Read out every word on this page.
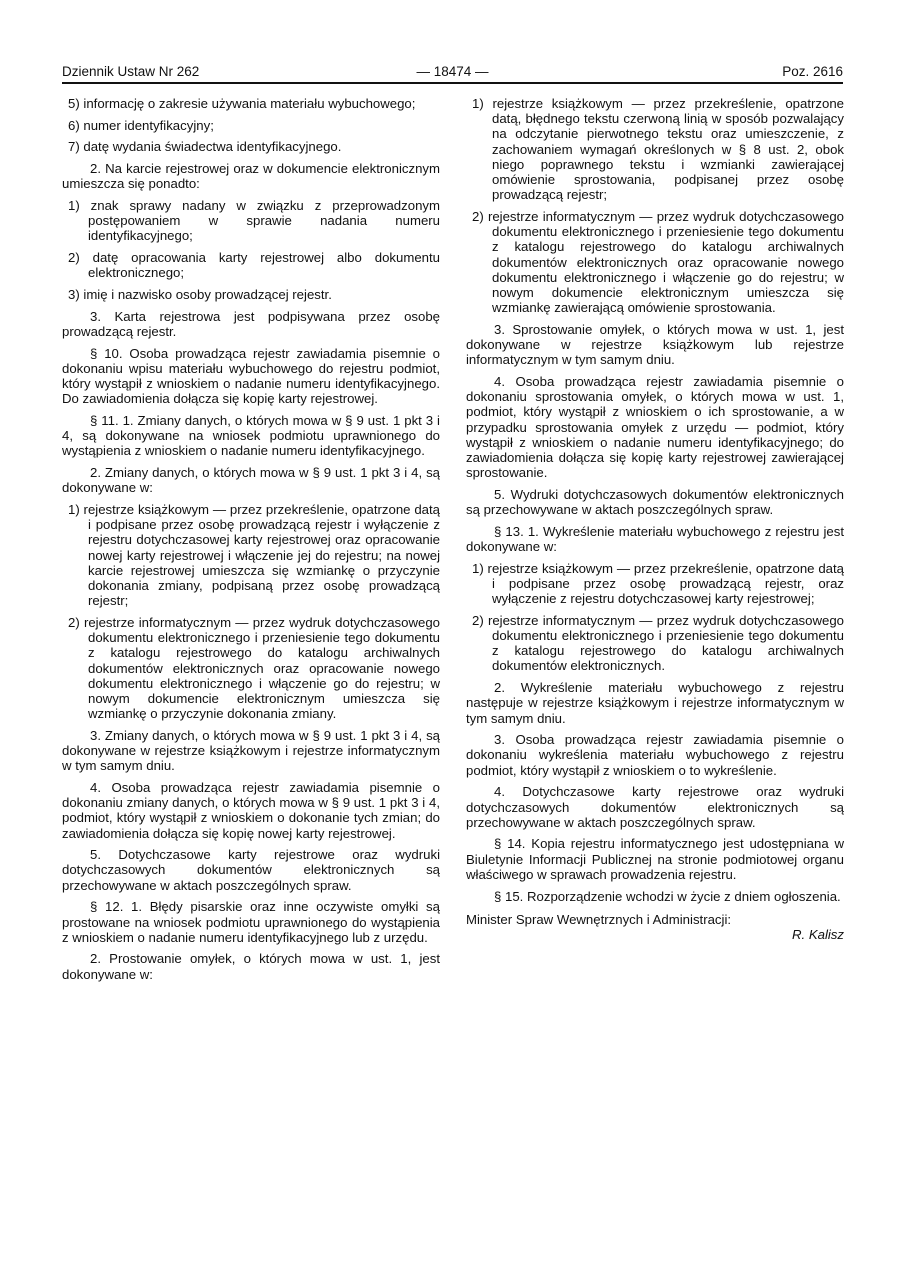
Dziennik Ustaw Nr 262	— 18474 —	Poz. 2616

5) informację o zakresie używania materiału wybuchowego;

6) numer identyfikacyjny;

7) datę wydania świadectwa identyfikacyjnego.

2. Na karcie rejestrowej oraz w dokumencie elektronicznym umieszcza się ponadto:

1) znak sprawy nadany w związku z przeprowadzonym postępowaniem w sprawie nadania numeru identyfikacyjnego;

2) datę opracowania karty rejestrowej albo dokumentu elektronicznego;

3) imię i nazwisko osoby prowadzącej rejestr.

3. Karta rejestrowa jest podpisywana przez osobę prowadzącą rejestr.

§ 10. Osoba prowadząca rejestr zawiadamia pisemnie o dokonaniu wpisu materiału wybuchowego do rejestru podmiot, który wystąpił z wnioskiem o nadanie numeru identyfikacyjnego. Do zawiadomienia dołącza się kopię karty rejestrowej.

§ 11. 1. Zmiany danych, o których mowa w § 9 ust. 1 pkt 3 i 4, są dokonywane na wniosek podmiotu uprawnionego do wystąpienia z wnioskiem o nadanie numeru identyfikacyjnego.

2. Zmiany danych, o których mowa w § 9 ust. 1 pkt 3 i 4, są dokonywane w:

1) rejestrze książkowym — przez przekreślenie, opatrzone datą i podpisane przez osobę prowadzącą rejestr i wyłączenie z rejestru dotychczasowej karty rejestrowej oraz opracowanie nowej karty rejestrowej i włączenie jej do rejestru; na nowej karcie rejestrowej umieszcza się wzmiankę o przyczynie dokonania zmiany, podpisaną przez osobę prowadzącą rejestr;

2) rejestrze informatycznym — przez wydruk dotychczasowego dokumentu elektronicznego i przeniesienie tego dokumentu z katalogu rejestrowego do katalogu archiwalnych dokumentów elektronicznych oraz opracowanie nowego dokumentu elektronicznego i włączenie go do rejestru; w nowym dokumencie elektronicznym umieszcza się wzmiankę o przyczynie dokonania zmiany.

3. Zmiany danych, o których mowa w § 9 ust. 1 pkt 3 i 4, są dokonywane w rejestrze książkowym i rejestrze informatycznym w tym samym dniu.

4. Osoba prowadząca rejestr zawiadamia pisemnie o dokonaniu zmiany danych, o których mowa w § 9 ust. 1 pkt 3 i 4, podmiot, który wystąpił z wnioskiem o dokonanie tych zmian; do zawiadomienia dołącza się kopię nowej karty rejestrowej.

5. Dotychczasowe karty rejestrowe oraz wydruki dotychczasowych dokumentów elektronicznych są przechowywane w aktach poszczególnych spraw.

§ 12. 1. Błędy pisarskie oraz inne oczywiste omyłki są prostowane na wniosek podmiotu uprawnionego do wystąpienia z wnioskiem o nadanie numeru identyfikacyjnego lub z urzędu.

2. Prostowanie omyłek, o których mowa w ust. 1, jest dokonywane w:

1) rejestrze książkowym — przez przekreślenie, opatrzone datą, błędnego tekstu czerwoną linią w sposób pozwalający na odczytanie pierwotnego tekstu oraz umieszczenie, z zachowaniem wymagań określonych w § 8 ust. 2, obok niego poprawnego tekstu i wzmianki zawierającej omówienie sprostowania, podpisanej przez osobę prowadzącą rejestr;

2) rejestrze informatycznym — przez wydruk dotychczasowego dokumentu elektronicznego i przeniesienie tego dokumentu z katalogu rejestrowego do katalogu archiwalnych dokumentów elektronicznych oraz opracowanie nowego dokumentu elektronicznego i włączenie go do rejestru; w nowym dokumencie elektronicznym umieszcza się wzmiankę zawierającą omówienie sprostowania.

3. Sprostowanie omyłek, o których mowa w ust. 1, jest dokonywane w rejestrze książkowym lub rejestrze informatycznym w tym samym dniu.

4. Osoba prowadząca rejestr zawiadamia pisemnie o dokonaniu sprostowania omyłek, o których mowa w ust. 1, podmiot, który wystąpił z wnioskiem o ich sprostowanie, a w przypadku sprostowania omyłek z urzędu — podmiot, który wystąpił z wnioskiem o nadanie numeru identyfikacyjnego; do zawiadomienia dołącza się kopię karty rejestrowej zawierającej sprostowanie.

5. Wydruki dotychczasowych dokumentów elektronicznych są przechowywane w aktach poszczególnych spraw.

§ 13. 1. Wykreślenie materiału wybuchowego z rejestru jest dokonywane w:

1) rejestrze książkowym — przez przekreślenie, opatrzone datą i podpisane przez osobę prowadzącą rejestr, oraz wyłączenie z rejestru dotychczasowej karty rejestrowej;

2) rejestrze informatycznym — przez wydruk dotychczasowego dokumentu elektronicznego i przeniesienie tego dokumentu z katalogu rejestrowego do katalogu archiwalnych dokumentów elektronicznych.

2. Wykreślenie materiału wybuchowego z rejestru następuje w rejestrze książkowym i rejestrze informatycznym w tym samym dniu.

3. Osoba prowadząca rejestr zawiadamia pisemnie o dokonaniu wykreślenia materiału wybuchowego z rejestru podmiot, który wystąpił z wnioskiem o to wykreślenie.

4. Dotychczasowe karty rejestrowe oraz wydruki dotychczasowych dokumentów elektronicznych są przechowywane w aktach poszczególnych spraw.

§ 14. Kopia rejestru informatycznego jest udostępniana w Biuletynie Informacji Publicznej na stronie podmiotowej organu właściwego w sprawach prowadzenia rejestru.

§ 15. Rozporządzenie wchodzi w życie z dniem ogłoszenia.

Minister Spraw Wewnętrznych i Administracji:

R. Kalisz
